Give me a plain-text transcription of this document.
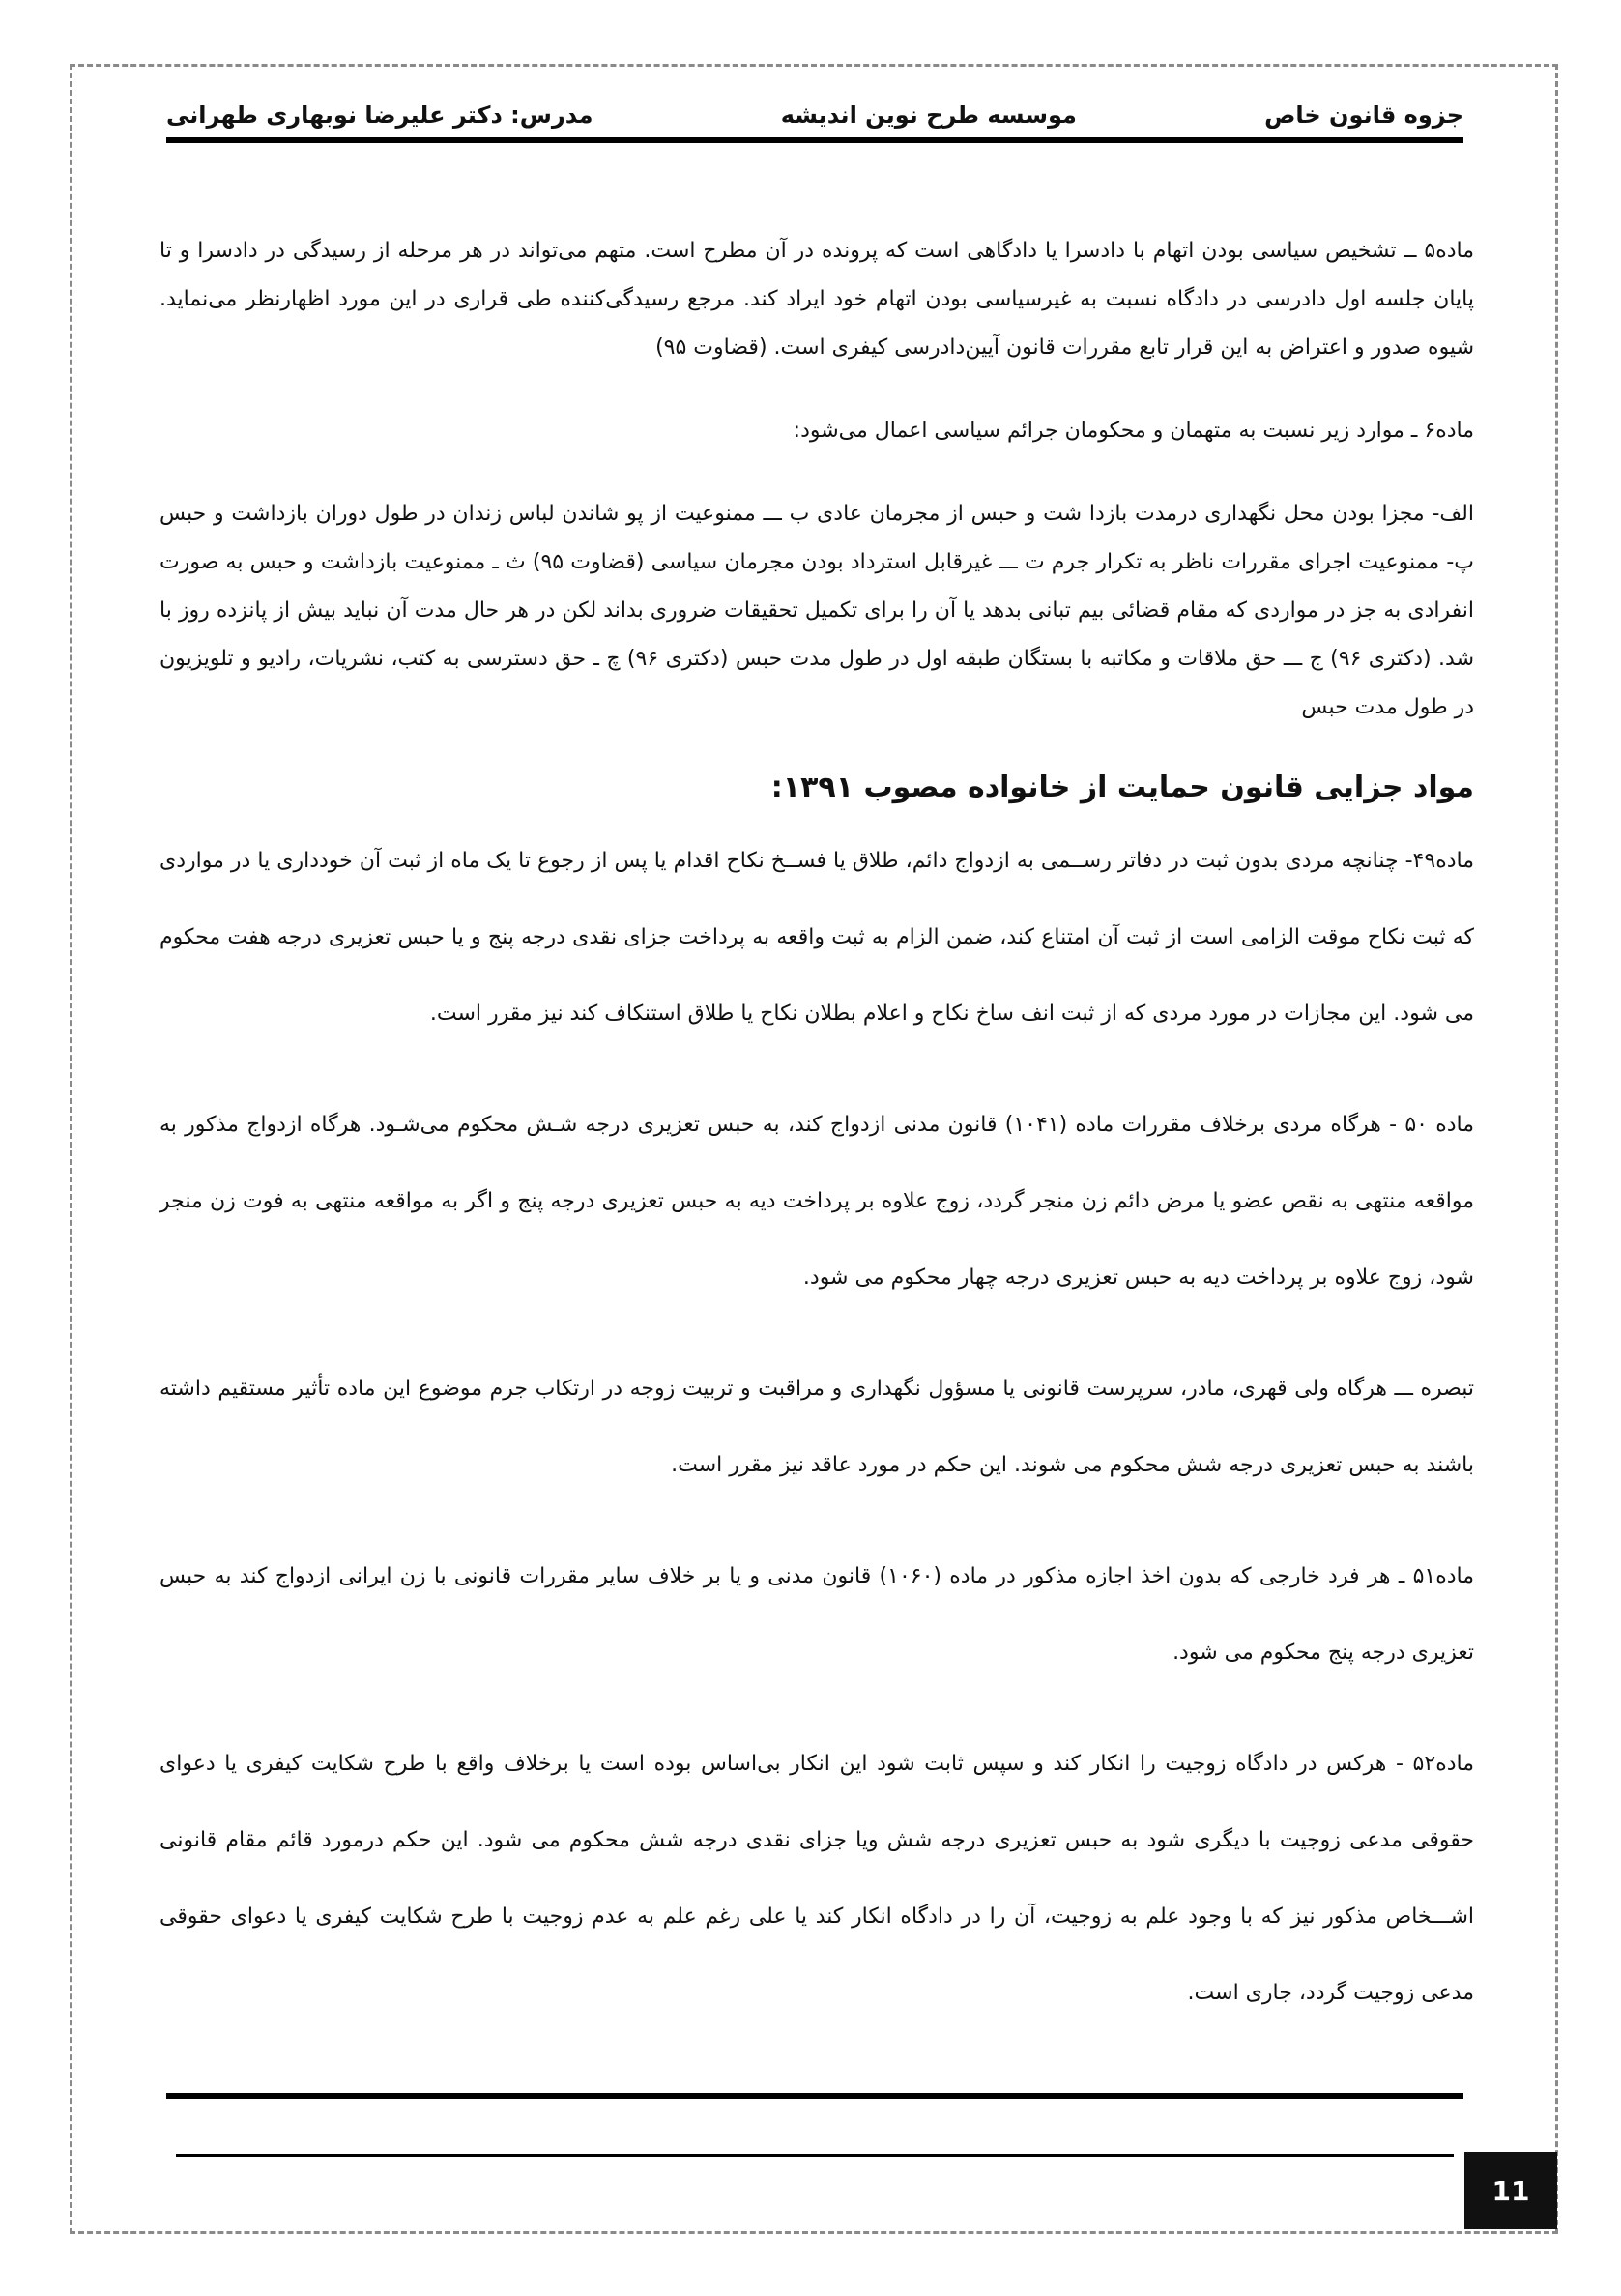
جزوه قانون خاص
موسسه طرح نوین اندیشه
مدرس: دکتر علیرضا نوبهاری طهرانی

ماده۵ ــ تشخیص سیاسی بودن اتهام با دادسرا یا دادگاهی است که پرونده در آن مطرح است. متهم می‌تواند در هر مرحله از رسیدگی در دادسرا و تا پایان جلسه اول دادرسی در دادگاه نسبت به غیرسیاسی بودن اتهام خود ایراد کند. مرجع رسیدگی‌کننده طی قراری در این مورد اظهارنظر می‌نماید. شیوه صدور و اعتراض به این قرار تابع مقررات قانون آیین‌دادرسی کیفری است. (قضاوت ۹۵)

ماده۶ ـ موارد زیر نسبت به متهمان و محکومان جرائم سیاسی اعمال می‌شود:

الف- مجزا بودن محل نگهداری درمدت بازدا شت و حبس از مجرمان عادی ب ـــ ممنوعیت از پو شاندن لباس زندان در طول دوران بازداشت و حبس پ- ممنوعیت اجرای مقررات ناظر به تکرار جرم ت ـــ غیرقابل استرداد بودن مجرمان سیاسی (قضاوت ۹۵) ث ـ ممنوعیت بازداشت و حبس به صورت انفرادی به جز در مواردی که مقام قضائی بیم تبانی بدهد یا آن را برای تکمیل تحقیقات ضروری بداند لکن در هر حال مدت آن نباید بیش از پانزده روز با شد. (دکتری ۹۶) ج ـــ حق ملاقات و مکاتبه با بستگان طبقه اول در طول مدت حبس (دکتری ۹۶) چ ـ حق دسترسی به کتب، نشریات، رادیو و تلویزیون در طول مدت حبس

مواد جزایی قانون حمایت از خانواده مصوب ۱۳۹۱:

ماده۴۹- چنانچه مردی بدون ثبت در دفاتر رســمی به ازدواج دائم، طلاق یا فســخ نکاح اقدام یا پس از رجوع تا یک ماه از ثبت آن خودداری یا در مواردی که ثبت نکاح موقت الزامی است از ثبت آن امتناع کند، ضمن الزام به ثبت واقعه به پرداخت جزای نقدی درجه پنج و یا حبس تعزیری درجه هفت محکوم می شود. این مجازات در مورد مردی که از ثبت انف ساخ نکاح و اعلام بطلان نکاح یا طلاق استنکاف کند نیز مقرر است.

ماده ۵۰ - هرگاه مردی برخلاف مقررات ماده (۱۰۴۱) قانون مدنی ازدواج کند، به حبس تعزیری درجه شـش محکوم می‌شـود. هرگاه ازدواج مذکور به مواقعه منتهی به نقص عضو یا مرض دائم زن منجر گردد، زوج علاوه بر پرداخت دیه به حبس تعزیری درجه پنج و اگر به مواقعه منتهی به فوت زن منجر شود، زوج علاوه بر پرداخت دیه به حبس تعزیری درجه چهار محکوم می شود.

تبصره ـــ هرگاه ولی قهری، مادر، سرپرست قانونی یا مسؤول نگهداری و مراقبت و تربیت زوجه در ارتکاب جرم موضوع این ماده تأثیر مستقیم داشته باشند به حبس تعزیری درجه شش محکوم می شوند. این حکم در مورد عاقد نیز مقرر است.

ماده۵۱ ـ هر فرد خارجی که بدون اخذ اجازه مذکور در ماده (۱۰۶۰) قانون مدنی و یا بر خلاف سایر مقررات قانونی با زن ایرانی ازدواج کند به حبس تعزیری درجه پنج محکوم می شود.

ماده۵۲ - هرکس در دادگاه زوجیت را انکار کند و سپس ثابت شود این انکار بی‌اساس بوده است یا برخلاف واقع با طرح شکایت کیفری یا دعوای حقوقی مدعی زوجیت با دیگری شود به حبس تعزیری درجه شش ویا جزای نقدی درجه شش محکوم می شود. این حکم درمورد قائم مقام قانونی اشـــخاص مذکور نیز که با وجود علم به زوجیت، آن را در دادگاه انکار کند یا علی رغم علم به عدم زوجیت با طرح شکایت کیفری یا دعوای حقوقی مدعی زوجیت گردد، جاری است.

11
